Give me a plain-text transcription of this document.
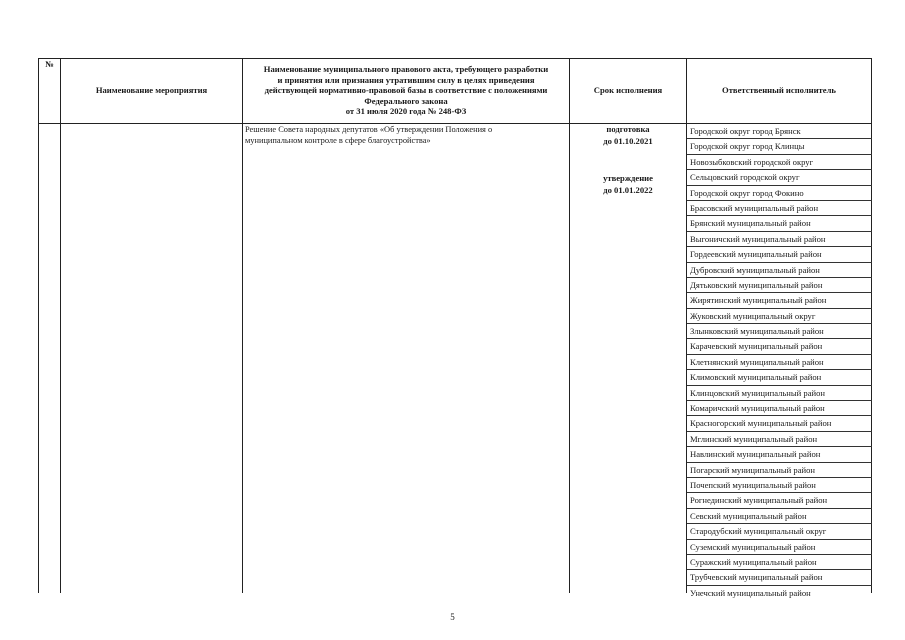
№
Наименование мероприятия
Наименование муниципального правового акта, требующего разработки
и принятия или признания утратившим силу в целях приведения
действующей нормативно-правовой базы в соответствие с положениями
Федерального закона
от 31 июля 2020 года № 248-ФЗ
Срок исполнения	Ответственный исполнитель
Решение Совета народных депутатов «Об утверждении Положения о
муниципальном контроле в сфере благоустройства»
подготовка
до 01.10.2021
утверждение
до 01.01.2022
Городской округ город Брянск
Городской округ город Клинцы
Новозыбковский городской округ
Сельцовский городской округ
Городской округ город Фокино
Брасовский муниципальный район
Брянский муниципальный район
Выгоничский муниципальный район
Гордеевский муниципальный район
Дубровский муниципальный район
Дятьковский муниципальный район
Жирятинский муниципальный район
Жуковский муниципальный округ
Злынковский муниципальный район
Карачевский муниципальный район
Клетнянский муниципальный район
Климовский муниципальный район
Клинцовский муниципальный район
Комаричский муниципальный район
Красногорский муниципальный район
Мглинский муниципальный район
Навлинский муниципальный район
Погарский муниципальный район
Почепский муниципальный район
Рогнединский муниципальный район
Севский муниципальный район
Стародубский муниципальный округ
Суземский муниципальный район
Суражский муниципальный район
Трубчевский муниципальный район
Унечский муниципальный район
5
